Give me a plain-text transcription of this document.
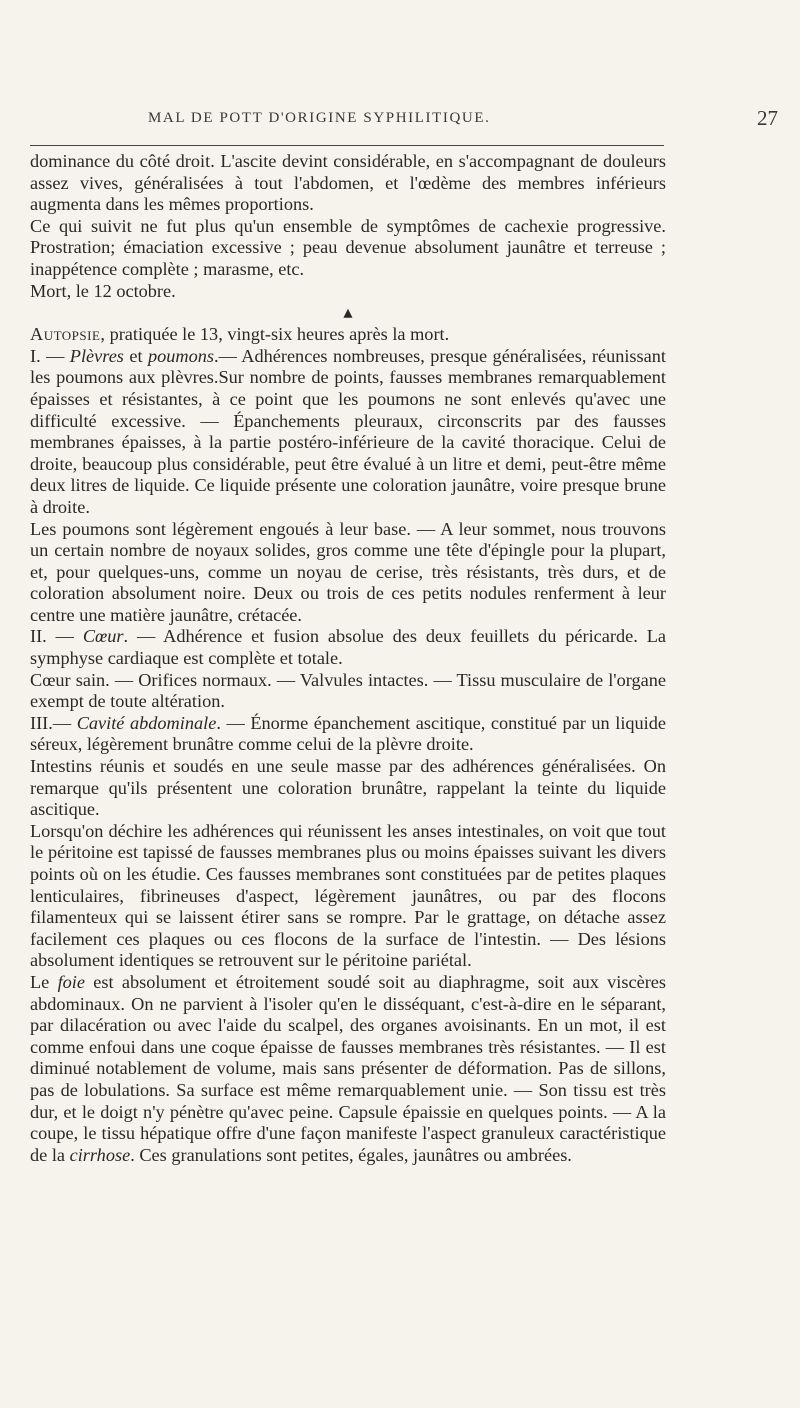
MAL DE POTT D'ORIGINE SYPHILITIQUE.	27

dominance du côté droit. L'ascite devint considérable, en s'accompagnant de douleurs assez vives, généralisées à tout l'abdomen, et l'œdème des membres inférieurs augmenta dans les mêmes proportions.

Ce qui suivit ne fut plus qu'un ensemble de symptômes de cachexie progressive. Prostration; émaciation excessive ; peau devenue absolument jaunâtre et terreuse ; inappétence complète ; marasme, etc.

Mort, le 12 octobre.

▴

Autopsie, pratiquée le 13, vingt-six heures après la mort.

I. — Plèvres et poumons.— Adhérences nombreuses, presque généralisées, réunissant les poumons aux plèvres.Sur nombre de points, fausses membranes remarquablement épaisses et résistantes, à ce point que les poumons ne sont enlevés qu'avec une difficulté excessive. — Épanchements pleuraux, circonscrits par des fausses membranes épaisses, à la partie postéro-inférieure de la cavité thoracique. Celui de droite, beaucoup plus considérable, peut être évalué à un litre et demi, peut-être même deux litres de liquide. Ce liquide présente une coloration jaunâtre, voire presque brune à droite.

Les poumons sont légèrement engoués à leur base. — A leur sommet, nous trouvons un certain nombre de noyaux solides, gros comme une tête d'épingle pour la plupart, et, pour quelques-uns, comme un noyau de cerise, très résistants, très durs, et de coloration absolument noire. Deux ou trois de ces petits nodules renferment à leur centre une matière jaunâtre, crétacée.

II. — Cœur. — Adhérence et fusion absolue des deux feuillets du péricarde. La symphyse cardiaque est complète et totale.

Cœur sain. — Orifices normaux. — Valvules intactes. — Tissu musculaire de l'organe exempt de toute altération.

III.— Cavité abdominale. — Énorme épanchement ascitique, constitué par un liquide séreux, légèrement brunâtre comme celui de la plèvre droite.

Intestins réunis et soudés en une seule masse par des adhérences généralisées. On remarque qu'ils présentent une coloration brunâtre, rappelant la teinte du liquide ascitique.

Lorsqu'on déchire les adhérences qui réunissent les anses intestinales, on voit que tout le péritoine est tapissé de fausses membranes plus ou moins épaisses suivant les divers points où on les étudie. Ces fausses membranes sont constituées par de petites plaques lenticulaires, fibrineuses d'aspect, légèrement jaunâtres, ou par des flocons filamenteux qui se laissent étirer sans se rompre. Par le grattage, on détache assez facilement ces plaques ou ces flocons de la surface de l'intestin. — Des lésions absolument identiques se retrouvent sur le péritoine pariétal.

Le foie est absolument et étroitement soudé soit au diaphragme, soit aux viscères abdominaux. On ne parvient à l'isoler qu'en le disséquant, c'est-à-dire en le séparant, par dilacération ou avec l'aide du scalpel, des organes avoisinants. En un mot, il est comme enfoui dans une coque épaisse de fausses membranes très résistantes. — Il est diminué notablement de volume, mais sans présenter de déformation. Pas de sillons, pas de lobulations. Sa surface est même remarquablement unie. — Son tissu est très dur, et le doigt n'y pénètre qu'avec peine. Capsule épaissie en quelques points. — A la coupe, le tissu hépatique offre d'une façon manifeste l'aspect granuleux caractéristique de la cirrhose. Ces granulations sont petites, égales, jaunâtres ou ambrées.
